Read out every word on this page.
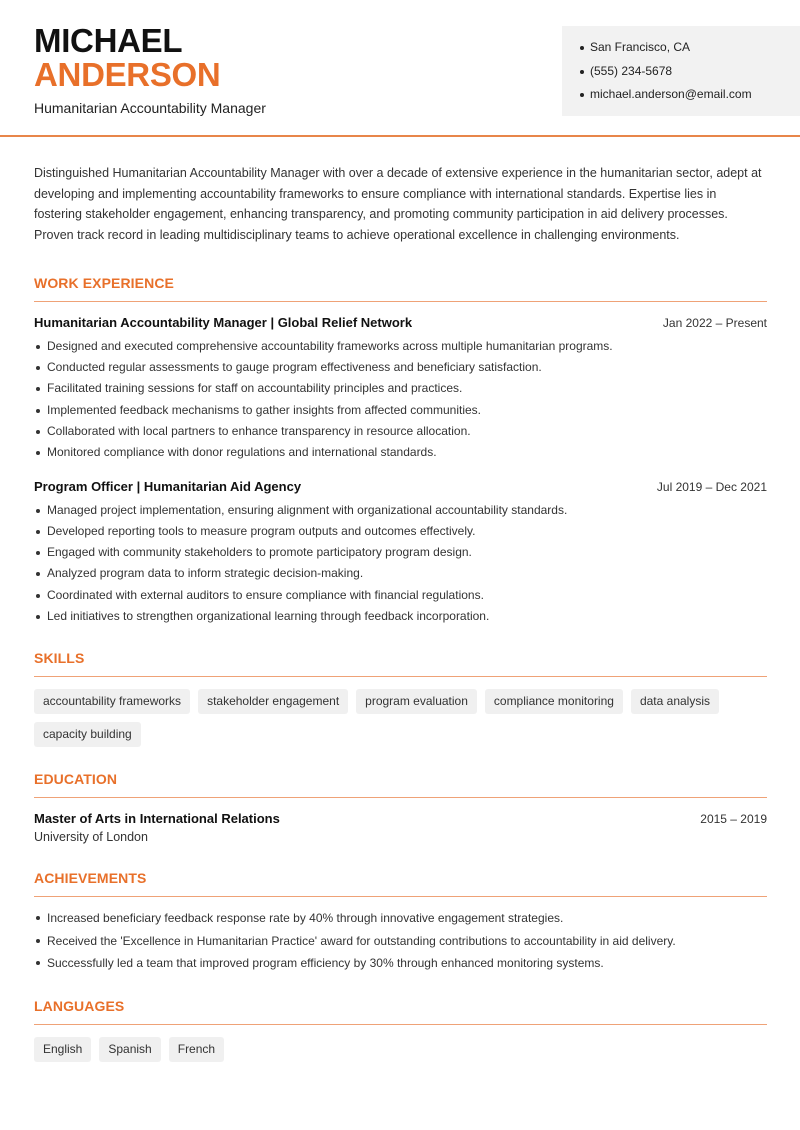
MICHAEL
ANDERSON
Humanitarian Accountability Manager
San Francisco, CA
(555) 234-5678
michael.anderson@email.com

Distinguished Humanitarian Accountability Manager with over a decade of extensive experience in the humanitarian sector, adept at developing and implementing accountability frameworks to ensure compliance with international standards. Expertise lies in fostering stakeholder engagement, enhancing transparency, and promoting community participation in aid delivery processes. Proven track record in leading multidisciplinary teams to achieve operational excellence in challenging environments.

WORK EXPERIENCE
Humanitarian Accountability Manager | Global Relief Network	Jan 2022 – Present
Designed and executed comprehensive accountability frameworks across multiple humanitarian programs.
Conducted regular assessments to gauge program effectiveness and beneficiary satisfaction.
Facilitated training sessions for staff on accountability principles and practices.
Implemented feedback mechanisms to gather insights from affected communities.
Collaborated with local partners to enhance transparency in resource allocation.
Monitored compliance with donor regulations and international standards.
Program Officer | Humanitarian Aid Agency	Jul 2019 – Dec 2021
Managed project implementation, ensuring alignment with organizational accountability standards.
Developed reporting tools to measure program outputs and outcomes effectively.
Engaged with community stakeholders to promote participatory program design.
Analyzed program data to inform strategic decision-making.
Coordinated with external auditors to ensure compliance with financial regulations.
Led initiatives to strengthen organizational learning through feedback incorporation.
SKILLS
accountability frameworks	stakeholder engagement	program evaluation	compliance monitoring	data analysis
capacity building
EDUCATION
Master of Arts in International Relations	2015 – 2019
University of London
ACHIEVEMENTS
Increased beneficiary feedback response rate by 40% through innovative engagement strategies.
Received the 'Excellence in Humanitarian Practice' award for outstanding contributions to accountability in aid delivery.
Successfully led a team that improved program efficiency by 30% through enhanced monitoring systems.
LANGUAGES
English	Spanish	French
